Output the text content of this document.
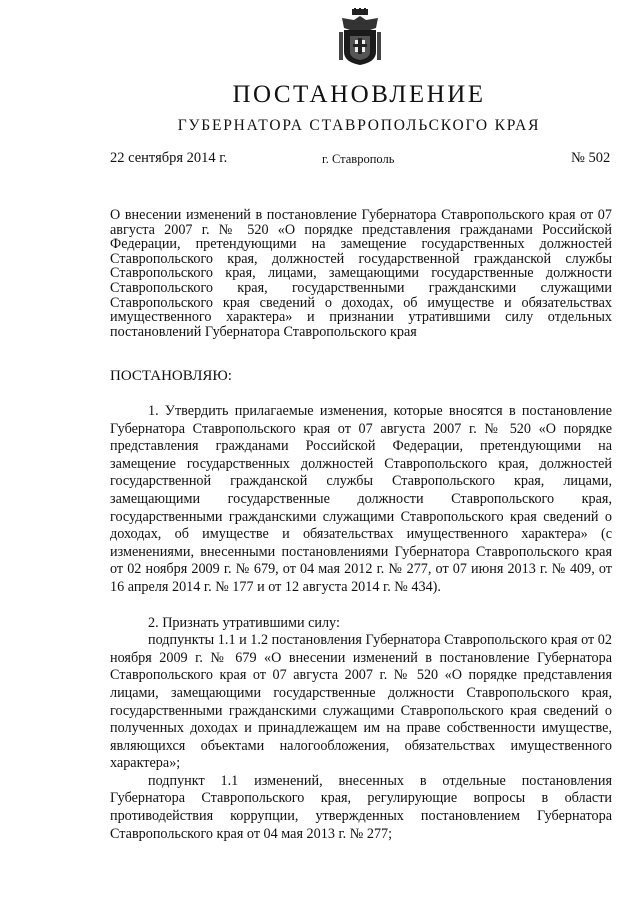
ПОСТАНОВЛЕНИЕ
ГУБЕРНАТОРА СТАВРОПОЛЬСКОГО КРАЯ
22 сентября 2014 г.	г. Ставрополь	№ 502
О внесении изменений в постановление Губернатора Ставропольского края от 07 августа 2007 г. № 520 «О порядке представления гражданами Российской Федерации, претендующими на замещение государственных должностей Ставропольского края, должностей государственной гражданской службы Ставропольского края, лицами, замещающими государственные должности Ставропольского края, государственными гражданскими служащими Ставропольского края сведений о доходах, об имуществе и обязательствах имущественного характера» и признании утратившими силу отдельных постановлений Губернатора Ставропольского края
ПОСТАНОВЛЯЮ:

1. Утвердить прилагаемые изменения, которые вносятся в постановление Губернатора Ставропольского края от 07 августа 2007 г. № 520 «О порядке представления гражданами Российской Федерации, претендующими на замещение государственных должностей Ставропольского края, должностей государственной гражданской службы Ставропольского края, лицами, замещающими государственные должности Ставропольского края, государственными гражданскими служащими Ставропольского края сведений о доходах, об имуществе и обязательствах имущественного характера» (с изменениями, внесенными постановлениями Губернатора Ставропольского края от 02 ноября 2009 г. № 679, от 04 мая 2012 г. № 277, от 07 июня 2013 г. № 409, от 16 апреля 2014 г. № 177 и от 12 августа 2014 г. № 434).

2. Признать утратившими силу:

подпункты 1.1 и 1.2 постановления Губернатора Ставропольского края от 02 ноября 2009 г. № 679 «О внесении изменений в постановление Губернатора Ставропольского края от 07 августа 2007 г. № 520 «О порядке представления лицами, замещающими государственные должности Ставропольского края, государственными гражданскими служащими Ставропольского края сведений о полученных доходах и принадлежащем им на праве собственности имуществе, являющихся объектами налогообложения, обязательствах имущественного характера»;

подпункт 1.1 изменений, внесенных в отдельные постановления Губернатора Ставропольского края, регулирующие вопросы в области противодействия коррупции, утвержденных постановлением Губернатора Ставропольского края от 04 мая 2013 г. № 277;
